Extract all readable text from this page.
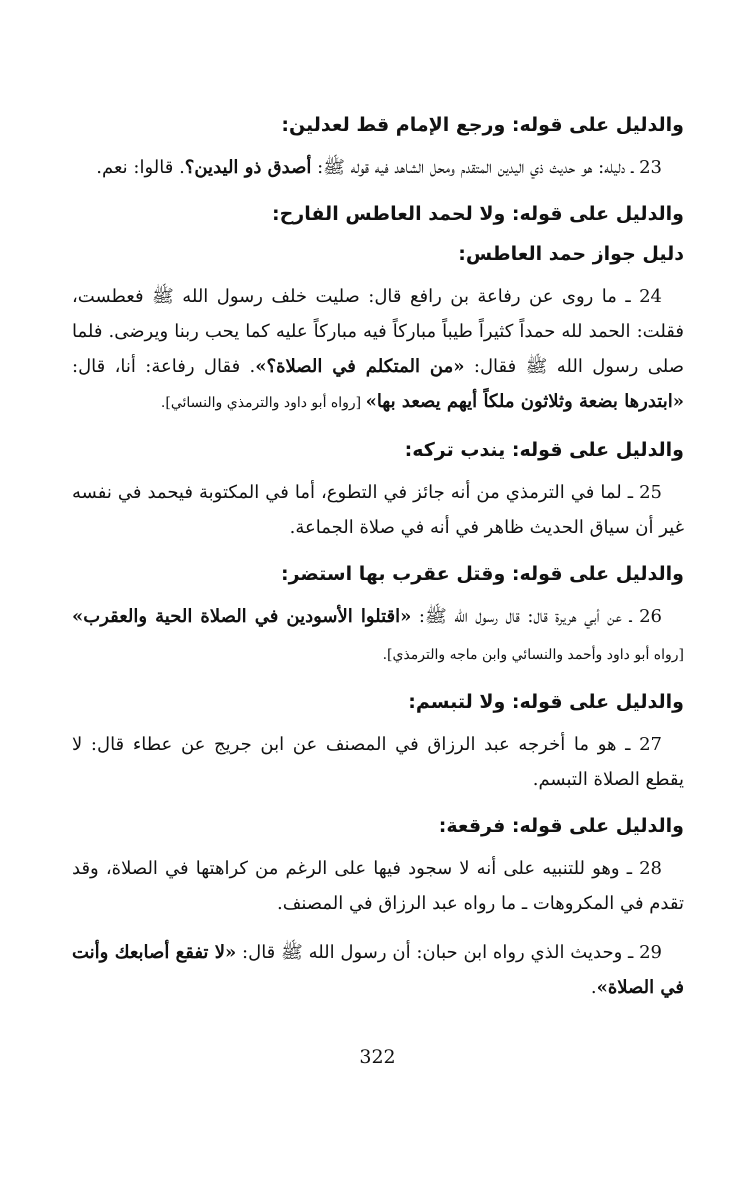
والدليل على قوله: ورجع الإمام قط لعدلين:
23 ـ دليله: هو حديث ذي اليدين المتقدم ومحل الشاهد فيه قوله ﷺ: أصدق ذو اليدين؟. قالوا: نعم.
والدليل على قوله: ولا لحمد العاطس الفارح:
دليل جواز حمد العاطس:
24 ـ ما روى عن رفاعة بن رافع قال: صليت خلف رسول الله ﷺ فعطست، فقلت: الحمد لله حمداً كثيراً طيباً مباركاً فيه مباركاً عليه كما يحب ربنا ويرضى. فلما صلى رسول الله ﷺ فقال: «من المتكلم في الصلاة؟». فقال رفاعة: أنا، قال: «ابتدرها بضعة وثلاثون ملكاً أيهم يصعد بها» [رواه أبو داود والترمذي والنسائي].
والدليل على قوله: يندب تركه:
25 ـ لما في الترمذي من أنه جائز في التطوع، أما في المكتوبة فيحمد في نفسه غير أن سياق الحديث ظاهر في أنه في صلاة الجماعة.
والدليل على قوله: وقتل عقرب بها استضر:
26 ـ عن أبي هريرة قال: قال رسول الله ﷺ: «اقتلوا الأسودين في الصلاة الحية والعقرب» [رواه أبو داود وأحمد والنسائي وابن ماجه والترمذي].
والدليل على قوله: ولا لتبسم:
27 ـ هو ما أخرجه عبد الرزاق في المصنف عن ابن جريج عن عطاء قال: لا يقطع الصلاة التبسم.
والدليل على قوله: فرقعة:
28 ـ وهو للتنبيه على أنه لا سجود فيها على الرغم من كراهتها في الصلاة، وقد تقدم في المكروهات ـ ما رواه عبد الرزاق في المصنف.
29 ـ وحديث الذي رواه ابن حبان: أن رسول الله ﷺ قال: «لا تفقع أصابعك وأنت في الصلاة».
322
